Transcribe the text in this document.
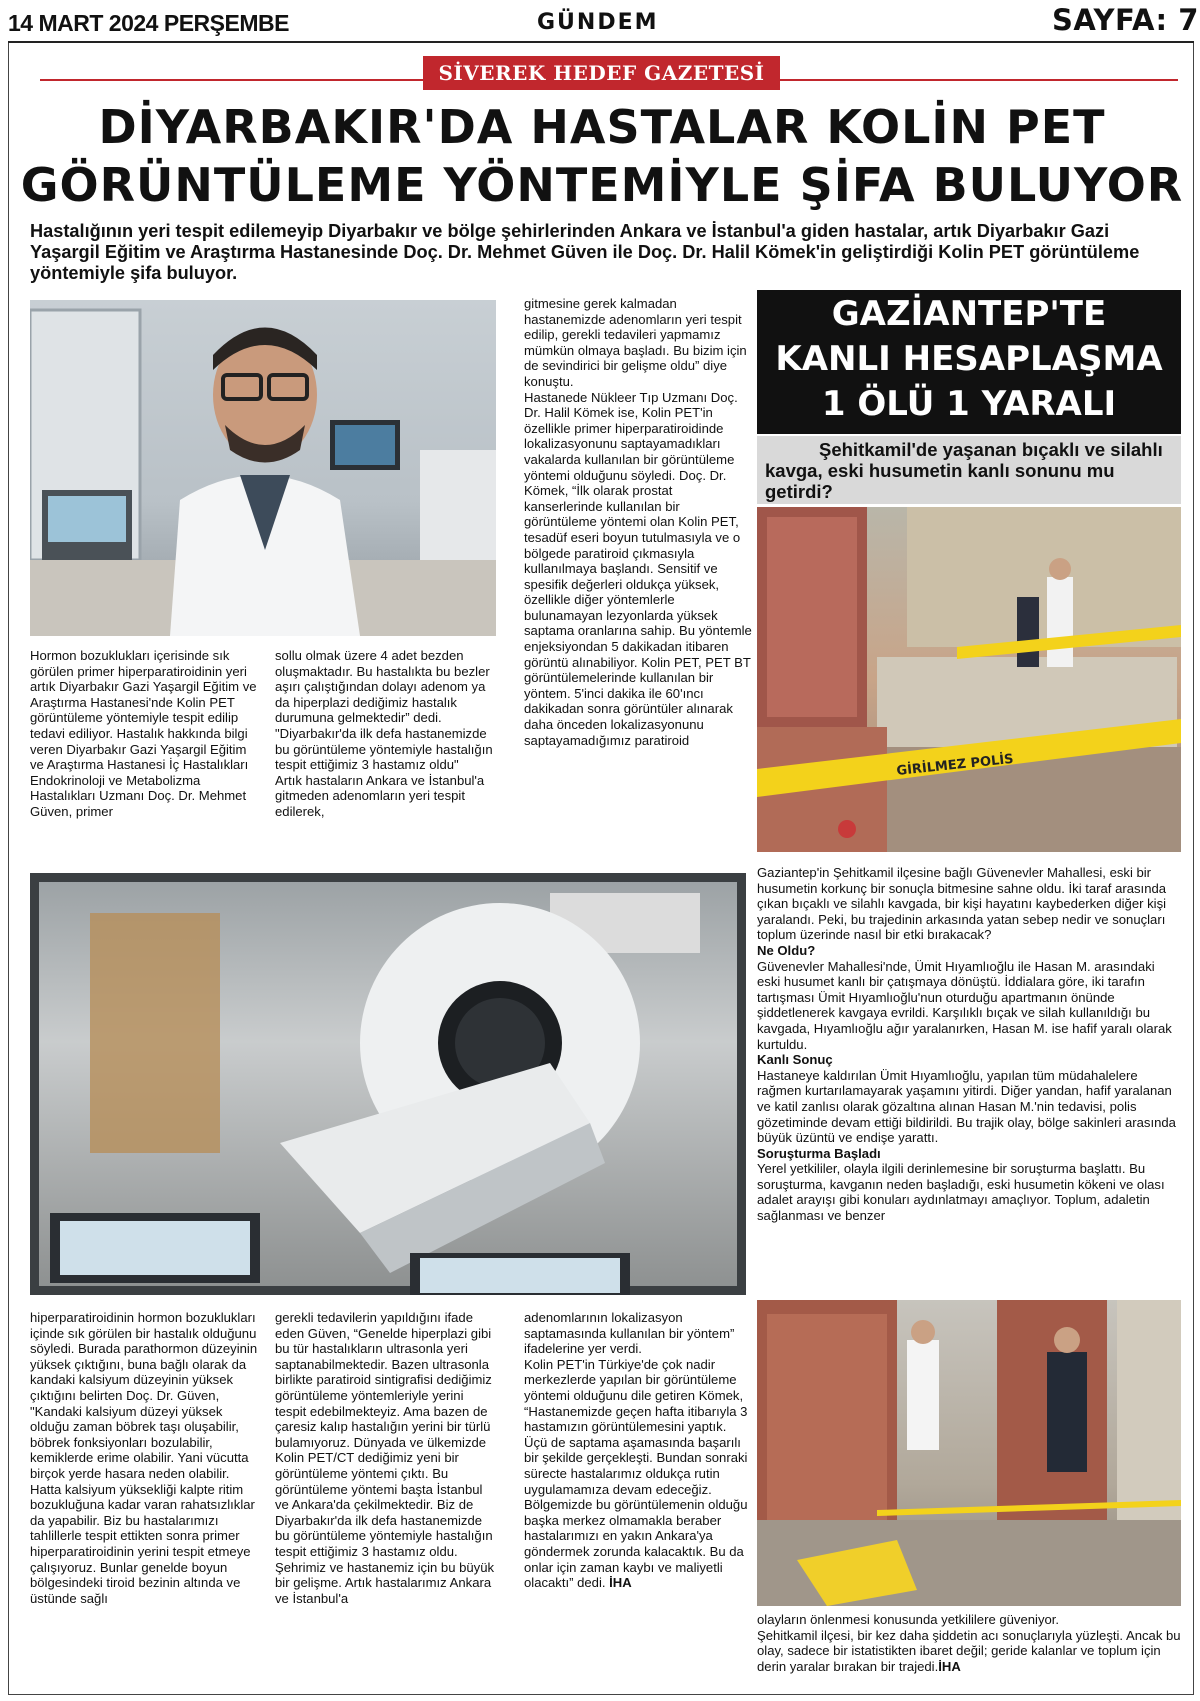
14 MART 2024 PERŞEMBE	GÜNDEM	SAYFA: 7
SİVEREK HEDEF GAZETESİ
DİYARBAKIR'DA HASTALAR KOLİN PET
GÖRÜNTÜLEME YÖNTEMİYLE ŞİFA BULUYOR
Hastalığının yeri tespit edilemeyip Diyarbakır ve bölge şehirlerinden Ankara ve İstanbul'a giden hastalar, artık Diyarbakır Gazi Yaşargil Eğitim ve Araştırma Hastanesinde Doç. Dr. Mehmet Güven ile Doç. Dr. Halil Kömek'in geliştirdiği Kolin PET görüntüleme yöntemiyle şifa buluyor.
GİRİLMEZ POLİS

Hormon bozuklukları içerisinde sık görülen primer hiperparatiroidinin yeri artık Diyarbakır Gazi Yaşargil Eğitim ve Araştırma Hastanesi'nde Kolin PET görüntüleme yöntemiyle tespit edilip tedavi ediliyor. Hastalık hakkında bilgi veren Diyarbakır Gazi Yaşargil Eğitim ve Araştırma Hastanesi İç Hastalıkları Endokrinoloji ve Metabolizma Hastalıkları Uzmanı Doç. Dr. Mehmet Güven, primer

sollu olmak üzere 4 adet bezden oluşmaktadır. Bu hastalıkta bu bezler aşırı çalıştığından dolayı adenom ya da hiperplazi dediğimiz hastalık durumuna gelmektedir” dedi.

"Diyarbakır'da ilk defa hastanemizde bu görüntüleme yöntemiyle hastalığın tespit ettiğimiz 3 hastamız oldu"

Artık hastaların Ankara ve İstanbul'a gitmeden adenomların yeri tespit edilerek,

gitmesine gerek kalmadan hastanemizde adenomların yeri tespit edilip, gerekli tedavileri yapmamız mümkün olmaya başladı. Bu bizim için de sevindirici bir gelişme oldu” diye konuştu.

Hastanede Nükleer Tıp Uzmanı Doç. Dr. Halil Kömek ise, Kolin PET'in özellikle primer hiperparatiroidinde lokalizasyonunu saptayamadıkları vakalarda kullanılan bir görüntüleme yöntemi olduğunu söyledi. Doç. Dr. Kömek, “İlk olarak prostat kanserlerinde kullanılan bir görüntüleme yöntemi olan Kolin PET, tesadüf eseri boyun tutulmasıyla ve o bölgede paratiroid çıkmasıyla kullanılmaya başlandı. Sensitif ve spesifik değerleri oldukça yüksek, özellikle diğer yöntemlerle bulunamayan lezyonlarda yüksek saptama oranlarına sahip. Bu yöntemle enjeksiyondan 5 dakikadan itibaren görüntü alınabiliyor. Kolin PET, PET BT görüntülemelerinde kullanılan bir yöntem. 5'inci dakika ile 60'ıncı dakikadan sonra görüntüler alınarak daha önceden lokalizasyonunu saptayamadığımız paratiroid

hiperparatiroidinin hormon bozuklukları içinde sık görülen bir hastalık olduğunu söyledi. Burada parathormon düzeyinin yüksek çıktığını, buna bağlı olarak da kandaki kalsiyum düzeyinin yüksek çıktığını belirten Doç. Dr. Güven, "Kandaki kalsiyum düzeyi yüksek olduğu zaman böbrek taşı oluşabilir, böbrek fonksiyonları bozulabilir, kemiklerde erime olabilir. Yani vücutta birçok yerde hasara neden olabilir. Hatta kalsiyum yüksekliği kalpte ritim bozukluğuna kadar varan rahatsızlıklar da yapabilir. Biz bu hastalarımızı tahlillerle tespit ettikten sonra primer hiperparatiroidinin yerini tespit etmeye çalışıyoruz. Bunlar genelde boyun bölgesindeki tiroid bezinin altında ve üstünde sağlı

gerekli tedavilerin yapıldığını ifade eden Güven, “Genelde hiperplazi gibi bu tür hastalıkların ultrasonla yeri saptanabilmektedir. Bazen ultrasonla birlikte paratiroid sintigrafisi dediğimiz görüntüleme yöntemleriyle yerini tespit edebilmekteyiz. Ama bazen de çaresiz kalıp hastalığın yerini bir türlü bulamıyoruz. Dünyada ve ülkemizde Kolin PET/CT dediğimiz yeni bir görüntüleme yöntemi çıktı. Bu görüntüleme yöntemi başta İstanbul ve Ankara'da çekilmektedir. Biz de Diyarbakır'da ilk defa hastanemizde bu görüntüleme yöntemiyle hastalığın tespit ettiğimiz 3 hastamız oldu. Şehrimiz ve hastanemiz için bu büyük bir gelişme. Artık hastalarımız Ankara ve İstanbul'a

adenomlarının lokalizasyon saptamasında kullanılan bir yöntem” ifadelerine yer verdi.

Kolin PET'in Türkiye'de çok nadir merkezlerde yapılan bir görüntüleme yöntemi olduğunu dile getiren Kömek, “Hastanemizde geçen hafta itibarıyla 3 hastamızın görüntülemesini yaptık. Üçü de saptama aşamasında başarılı bir şekilde gerçekleşti. Bundan sonraki sürecte hastalarımız oldukça rutin uygulamamıza devam edeceğiz. Bölgemizde bu görüntülemenin olduğu başka merkez olmamakla beraber hastalarımızı en yakın Ankara'ya göndermek zorunda kalacaktık. Bu da onlar için zaman kaybı ve maliyetli olacaktı” dedi. İHA

GAZİANTEP'TE
KANLI HESAPLAŞMA
1 ÖLÜ 1 YARALI

Şehitkamil'de yaşanan bıçaklı ve silahlı kavga, eski husumetin kanlı sonunu mu getirdi?

Gaziantep'in Şehitkamil ilçesine bağlı Güvenevler Mahallesi, eski bir husumetin korkunç bir sonuçla bitmesine sahne oldu. İki taraf arasında çıkan bıçaklı ve silahlı kavgada, bir kişi hayatını kaybederken diğer kişi yaralandı. Peki, bu trajedinin arkasında yatan sebep nedir ve sonuçları toplum üzerinde nasıl bir etki bırakacak?

Ne Oldu?

Güvenevler Mahallesi'nde, Ümit Hıyamlıoğlu ile Hasan M. arasındaki eski husumet kanlı bir çatışmaya dönüştü. İddialara göre, iki tarafın tartışması Ümit Hıyamlıoğlu'nun oturduğu apartmanın önünde şiddetlenerek kavgaya evrildi. Karşılıklı bıçak ve silah kullanıldığı bu kavgada, Hıyamlıoğlu ağır yaralanırken, Hasan M. ise hafif yaralı olarak kurtuldu.

Kanlı Sonuç

Hastaneye kaldırılan Ümit Hıyamlıoğlu, yapılan tüm müdahalelere rağmen kurtarılamayarak yaşamını yitirdi. Diğer yandan, hafif yaralanan ve katil zanlısı olarak gözaltına alınan Hasan M.'nin tedavisi, polis gözetiminde devam ettiği bildirildi. Bu trajik olay, bölge sakinleri arasında büyük üzüntü ve endişe yarattı.

Soruşturma Başladı

Yerel yetkililer, olayla ilgili derinlemesine bir soruşturma başlattı. Bu soruşturma, kavganın neden başladığı, eski husumetin kökeni ve olası adalet arayışı gibi konuları aydınlatmayı amaçlıyor. Toplum, adaletin sağlanması ve benzer

olayların önlenmesi konusunda yetkililere güveniyor.

Şehitkamil ilçesi, bir kez daha şiddetin acı sonuçlarıyla yüzleşti. Ancak bu olay, sadece bir istatistikten ibaret değil; geride kalanlar ve toplum için derin yaralar bırakan bir trajedi.İHA
